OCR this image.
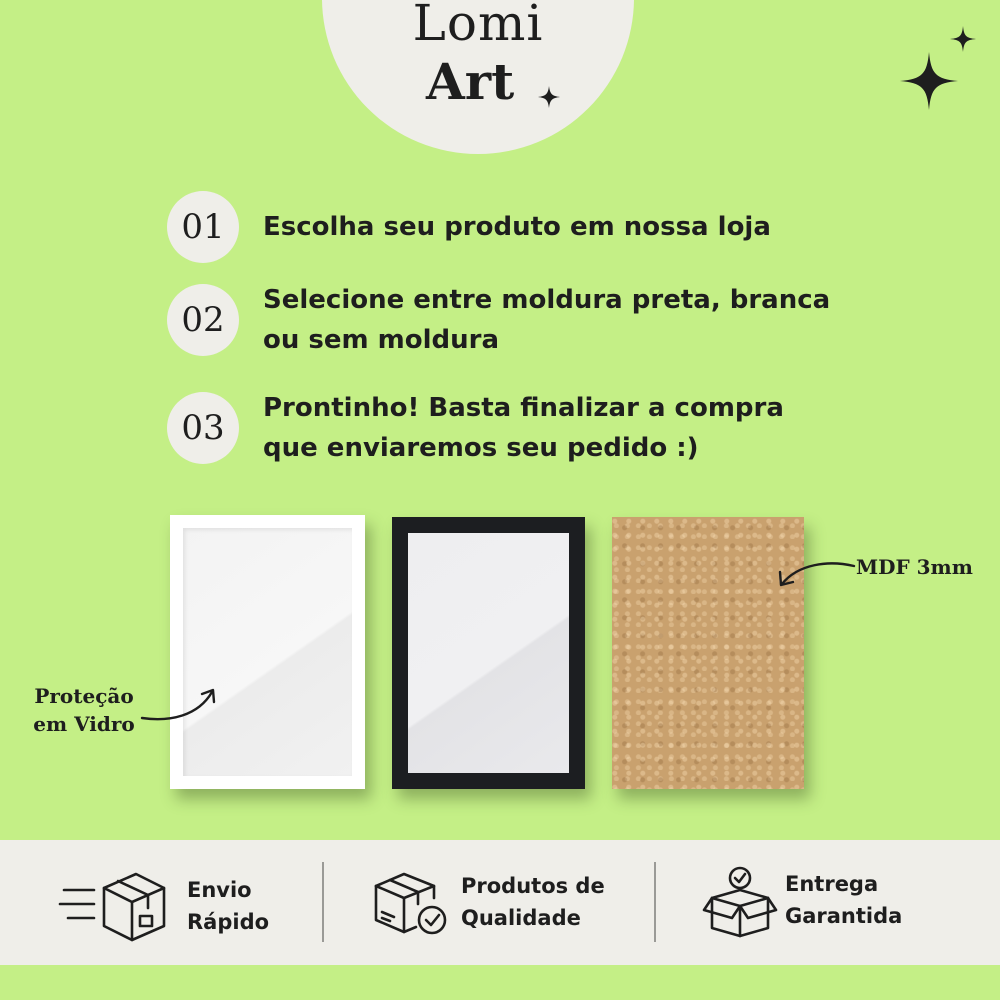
Lomi
Art
01	Escolha seu produto em nossa loja
02	Selecione entre moldura preta, branca
ou sem moldura
03	Prontinho! Basta finalizar a compra
que enviaremos seu pedido :)
Proteção
em Vidro
MDF 3mm
Envio
Rápido
Produtos de
Qualidade
Entrega
Garantida
